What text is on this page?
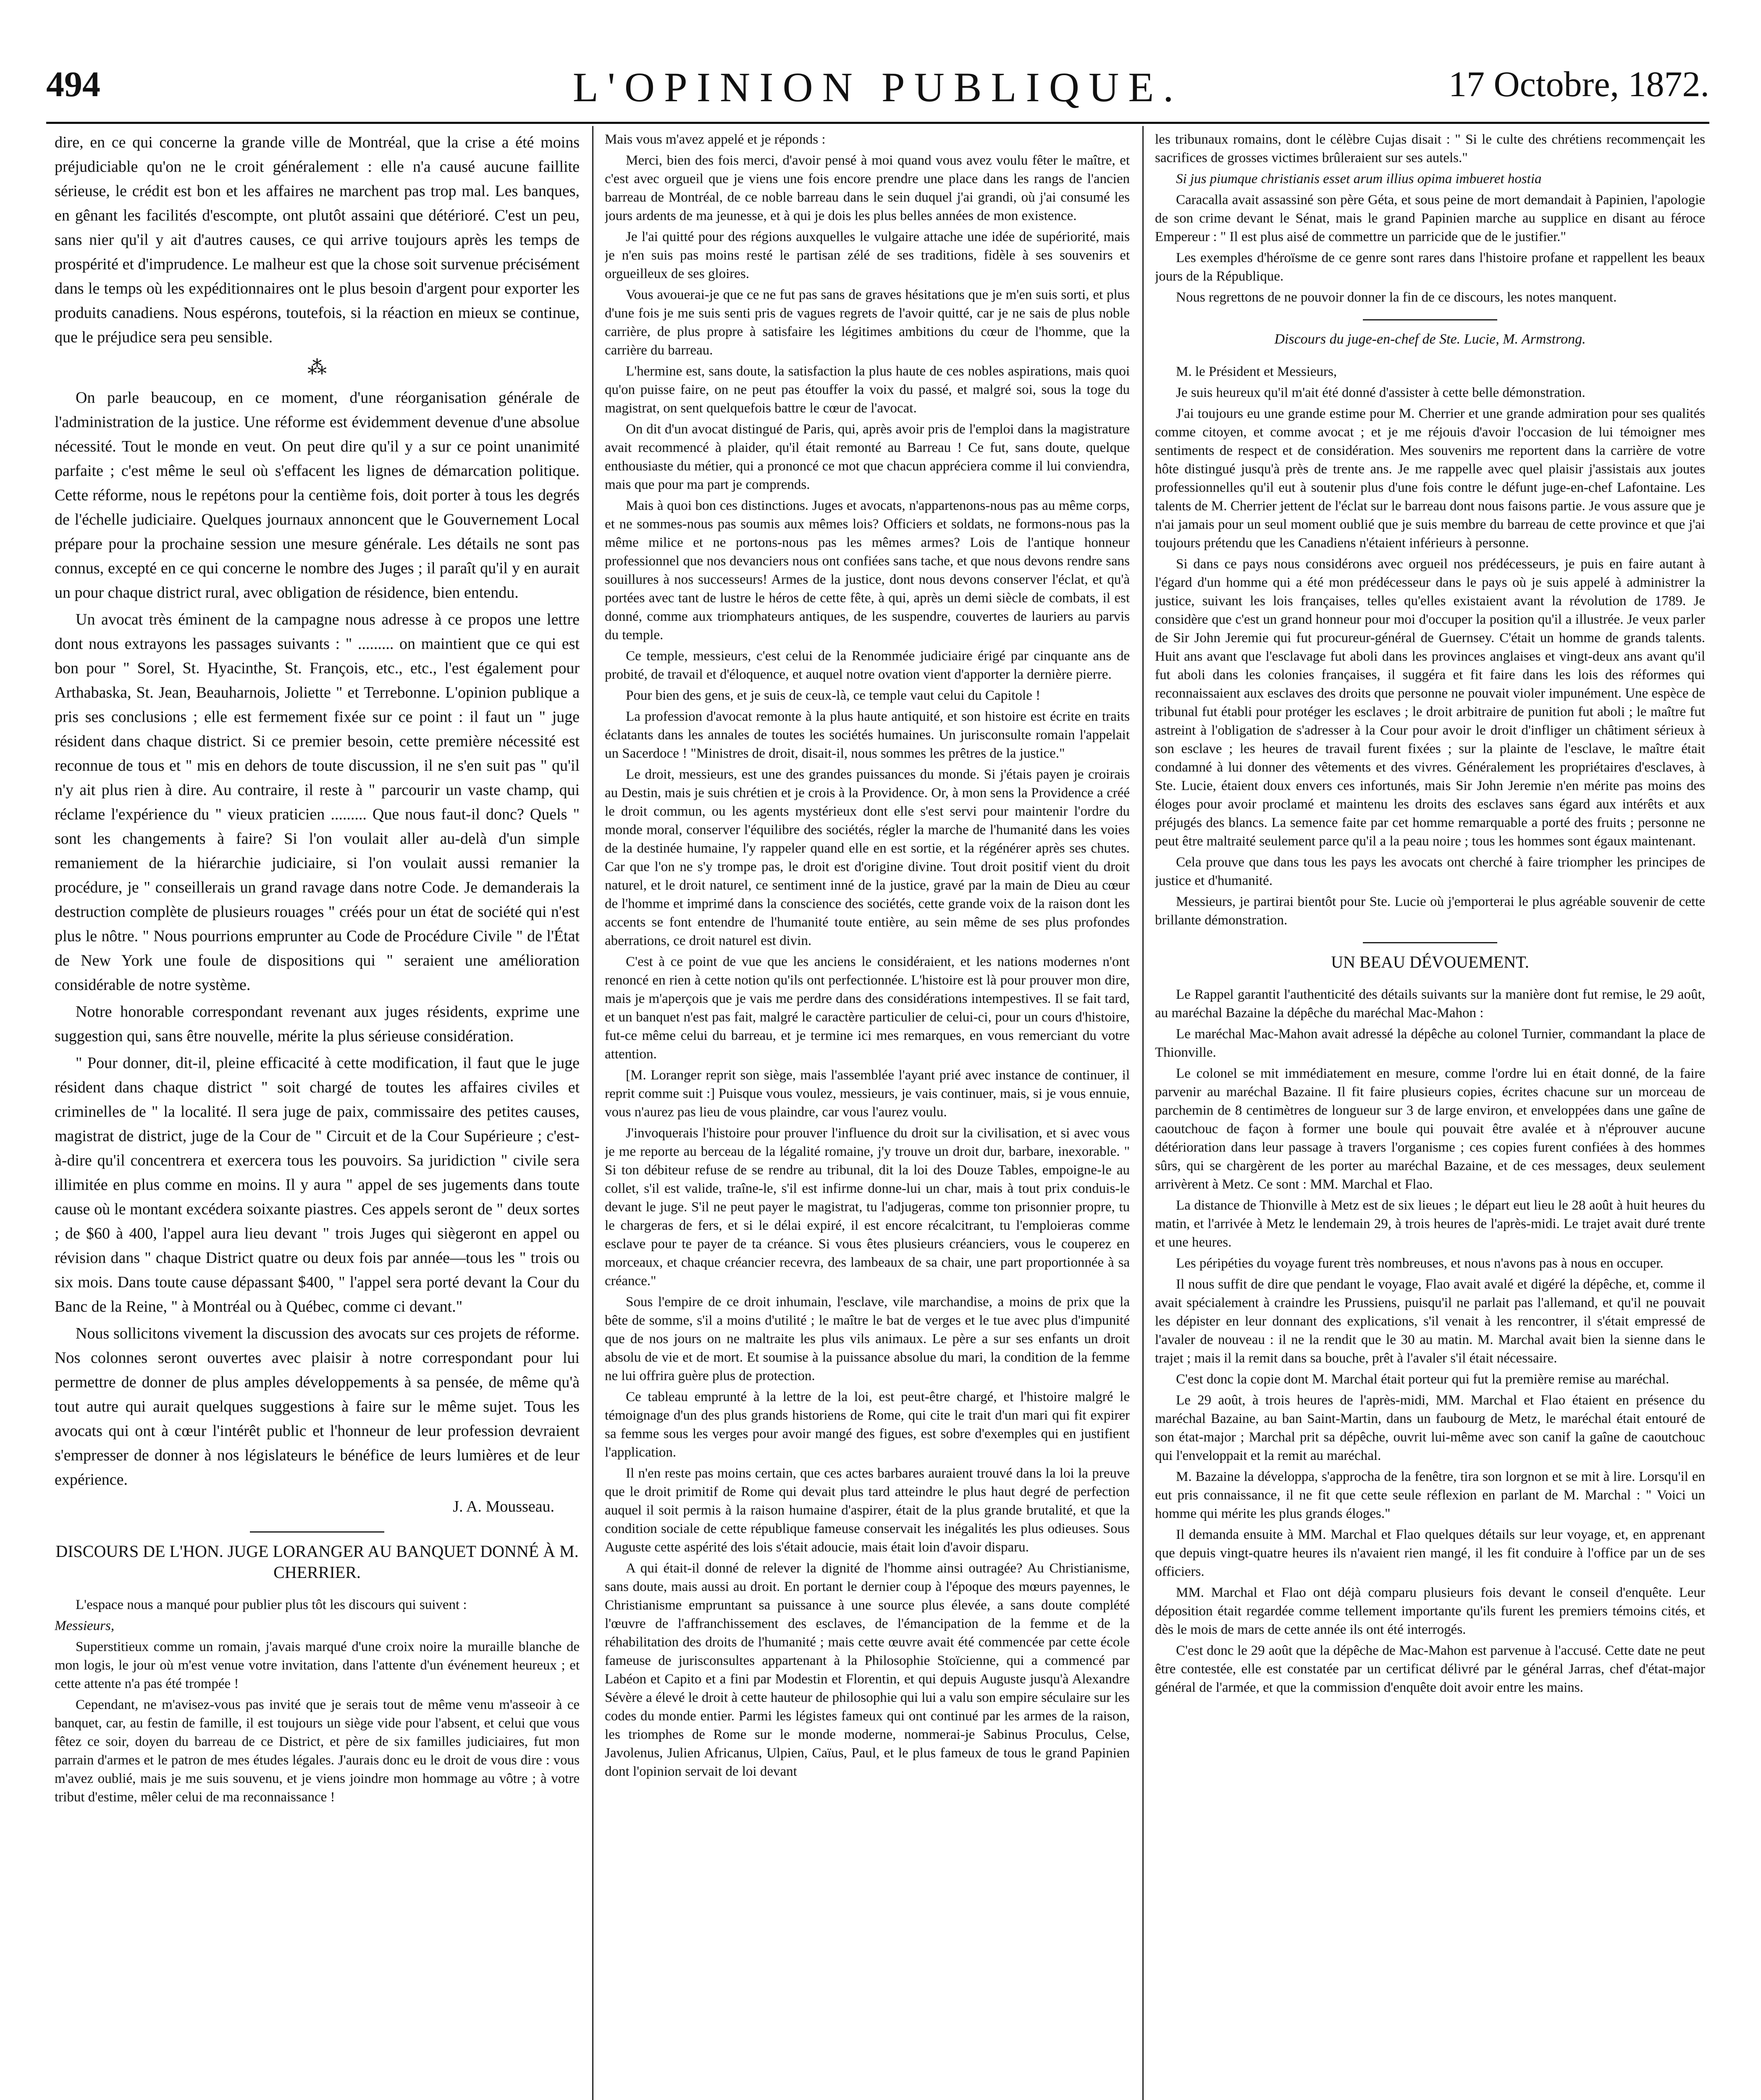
494	L'OPINION PUBLIQUE.	17 Octobre, 1872.

dire, en ce qui concerne la grande ville de Montréal, que la crise a été moins préjudiciable qu'on ne le croit généralement : elle n'a causé aucune faillite sérieuse, le crédit est bon et les affaires ne marchent pas trop mal. Les banques, en gênant les facilités d'escompte, ont plutôt assaini que détérioré. C'est un peu, sans nier qu'il y ait d'autres causes, ce qui arrive toujours après les temps de prospérité et d'imprudence. Le malheur est que la chose soit survenue précisément dans le temps où les expéditionnaires ont le plus besoin d'argent pour exporter les produits canadiens. Nous espérons, toutefois, si la réaction en mieux se continue, que le préjudice sera peu sensible.

⁂

On parle beaucoup, en ce moment, d'une réorganisation générale de l'administration de la justice. Une réforme est évidemment devenue d'une absolue nécessité. Tout le monde en veut. On peut dire qu'il y a sur ce point unanimité parfaite ; c'est même le seul où s'effacent les lignes de démarcation politique. Cette réforme, nous le repétons pour la centième fois, doit porter à tous les degrés de l'échelle judiciaire. Quelques journaux annoncent que le Gouvernement Local prépare pour la prochaine session une mesure générale. Les détails ne sont pas connus, excepté en ce qui concerne le nombre des Juges ; il paraît qu'il y en aurait un pour chaque district rural, avec obligation de résidence, bien entendu.

Un avocat très éminent de la campagne nous adresse à ce propos une lettre dont nous extrayons les passages suivants : " ......... on maintient que ce qui est bon pour " Sorel, St. Hyacinthe, St. François, etc., etc., l'est également pour Arthabaska, St. Jean, Beauharnois, Joliette " et Terrebonne. L'opinion publique a pris ses conclusions ; elle est fermement fixée sur ce point : il faut un " juge résident dans chaque district. Si ce premier besoin, cette première nécessité est reconnue de tous et " mis en dehors de toute discussion, il ne s'en suit pas " qu'il n'y ait plus rien à dire. Au contraire, il reste à " parcourir un vaste champ, qui réclame l'expérience du " vieux praticien ......... Que nous faut-il donc? Quels " sont les changements à faire? Si l'on voulait aller au-delà d'un simple remaniement de la hiérarchie judiciaire, si l'on voulait aussi remanier la procédure, je " conseillerais un grand ravage dans notre Code. Je demanderais la destruction complète de plusieurs rouages " créés pour un état de société qui n'est plus le nôtre. " Nous pourrions emprunter au Code de Procédure Civile " de l'État de New York une foule de dispositions qui " seraient une amélioration considérable de notre système.

Notre honorable correspondant revenant aux juges résidents, exprime une suggestion qui, sans être nouvelle, mérite la plus sérieuse considération.

" Pour donner, dit-il, pleine efficacité à cette modification, il faut que le juge résident dans chaque district " soit chargé de toutes les affaires civiles et criminelles de " la localité. Il sera juge de paix, commissaire des petites causes, magistrat de district, juge de la Cour de " Circuit et de la Cour Supérieure ; c'est-à-dire qu'il concentrera et exercera tous les pouvoirs. Sa juridiction " civile sera illimitée en plus comme en moins. Il y aura " appel de ses jugements dans toute cause où le montant excédera soixante piastres. Ces appels seront de " deux sortes ; de $60 à 400, l'appel aura lieu devant " trois Juges qui siègeront en appel ou révision dans " chaque District quatre ou deux fois par année—tous les " trois ou six mois. Dans toute cause dépassant $400, " l'appel sera porté devant la Cour du Banc de la Reine, " à Montréal ou à Québec, comme ci devant."

Nous sollicitons vivement la discussion des avocats sur ces projets de réforme. Nos colonnes seront ouvertes avec plaisir à notre correspondant pour lui permettre de donner de plus amples développements à sa pensée, de même qu'à tout autre qui aurait quelques suggestions à faire sur le même sujet. Tous les avocats qui ont à cœur l'intérêt public et l'honneur de leur profession devraient s'empresser de donner à nos législateurs le bénéfice de leurs lumières et de leur expérience.

J. A. Mousseau.

DISCOURS DE L'HON. JUGE LORANGER AU BANQUET DONNÉ À M. CHERRIER.

L'espace nous a manqué pour publier plus tôt les discours qui suivent :

Messieurs,

Superstitieux comme un romain, j'avais marqué d'une croix noire la muraille blanche de mon logis, le jour où m'est venue votre invitation, dans l'attente d'un événement heureux ; et cette attente n'a pas été trompée !

Cependant, ne m'avisez-vous pas invité que je serais tout de même venu m'asseoir à ce banquet, car, au festin de famille, il est toujours un siège vide pour l'absent, et celui que vous fêtez ce soir, doyen du barreau de ce District, et père de six familles judiciaires, fut mon parrain d'armes et le patron de mes études légales. J'aurais donc eu le droit de vous dire : vous m'avez oublié, mais je me suis souvenu, et je viens joindre mon hommage au vôtre ; à votre tribut d'estime, mêler celui de ma reconnaissance !

Mais vous m'avez appelé et je réponds :

Merci, bien des fois merci, d'avoir pensé à moi quand vous avez voulu fêter le maître, et c'est avec orgueil que je viens une fois encore prendre une place dans les rangs de l'ancien barreau de Montréal, de ce noble barreau dans le sein duquel j'ai grandi, où j'ai consumé les jours ardents de ma jeunesse, et à qui je dois les plus belles années de mon existence.

Je l'ai quitté pour des régions auxquelles le vulgaire attache une idée de supériorité, mais je n'en suis pas moins resté le partisan zélé de ses traditions, fidèle à ses souvenirs et orgueilleux de ses gloires.

Vous avouerai-je que ce ne fut pas sans de graves hésitations que je m'en suis sorti, et plus d'une fois je me suis senti pris de vagues regrets de l'avoir quitté, car je ne sais de plus noble carrière, de plus propre à satisfaire les légitimes ambitions du cœur de l'homme, que la carrière du barreau.

L'hermine est, sans doute, la satisfaction la plus haute de ces nobles aspirations, mais quoi qu'on puisse faire, on ne peut pas étouffer la voix du passé, et malgré soi, sous la toge du magistrat, on sent quelquefois battre le cœur de l'avocat.

On dit d'un avocat distingué de Paris, qui, après avoir pris de l'emploi dans la magistrature avait recommencé à plaider, qu'il était remonté au Barreau ! Ce fut, sans doute, quelque enthousiaste du métier, qui a prononcé ce mot que chacun appréciera comme il lui conviendra, mais que pour ma part je comprends.

Mais à quoi bon ces distinctions. Juges et avocats, n'appartenons-nous pas au même corps, et ne sommes-nous pas soumis aux mêmes lois? Officiers et soldats, ne formons-nous pas la même milice et ne portons-nous pas les mêmes armes? Lois de l'antique honneur professionnel que nos devanciers nous ont confiées sans tache, et que nous devons rendre sans souillures à nos successeurs! Armes de la justice, dont nous devons conserver l'éclat, et qu'à portées avec tant de lustre le héros de cette fête, à qui, après un demi siècle de combats, il est donné, comme aux triomphateurs antiques, de les suspendre, couvertes de lauriers au parvis du temple.

Ce temple, messieurs, c'est celui de la Renommée judiciaire érigé par cinquante ans de probité, de travail et d'éloquence, et auquel notre ovation vient d'apporter la dernière pierre.

Pour bien des gens, et je suis de ceux-là, ce temple vaut celui du Capitole !

La profession d'avocat remonte à la plus haute antiquité, et son histoire est écrite en traits éclatants dans les annales de toutes les sociétés humaines. Un jurisconsulte romain l'appelait un Sacerdoce ! "Ministres de droit, disait-il, nous sommes les prêtres de la justice."

Le droit, messieurs, est une des grandes puissances du monde. Si j'étais payen je croirais au Destin, mais je suis chrétien et je crois à la Providence. Or, à mon sens la Providence a créé le droit commun, ou les agents mystérieux dont elle s'est servi pour maintenir l'ordre du monde moral, conserver l'équilibre des sociétés, régler la marche de l'humanité dans les voies de la destinée humaine, l'y rappeler quand elle en est sortie, et la régénérer après ses chutes. Car que l'on ne s'y trompe pas, le droit est d'origine divine. Tout droit positif vient du droit naturel, et le droit naturel, ce sentiment inné de la justice, gravé par la main de Dieu au cœur de l'homme et imprimé dans la conscience des sociétés, cette grande voix de la raison dont les accents se font entendre de l'humanité toute entière, au sein même de ses plus profondes aberrations, ce droit naturel est divin.

C'est à ce point de vue que les anciens le considéraient, et les nations modernes n'ont renoncé en rien à cette notion qu'ils ont perfectionnée. L'histoire est là pour prouver mon dire, mais je m'aperçois que je vais me perdre dans des considérations intempestives. Il se fait tard, et un banquet n'est pas fait, malgré le caractère particulier de celui-ci, pour un cours d'histoire, fut-ce même celui du barreau, et je termine ici mes remarques, en vous remerciant du votre attention.

[M. Loranger reprit son siège, mais l'assemblée l'ayant prié avec instance de continuer, il reprit comme suit :] Puisque vous voulez, messieurs, je vais continuer, mais, si je vous ennuie, vous n'aurez pas lieu de vous plaindre, car vous l'aurez voulu.

J'invoquerais l'histoire pour prouver l'influence du droit sur la civilisation, et si avec vous je me reporte au berceau de la légalité romaine, j'y trouve un droit dur, barbare, inexorable. " Si ton débiteur refuse de se rendre au tribunal, dit la loi des Douze Tables, empoigne-le au collet, s'il est valide, traîne-le, s'il est infirme donne-lui un char, mais à tout prix conduis-le devant le juge. S'il ne peut payer le magistrat, tu l'adjugeras, comme ton prisonnier propre, tu le chargeras de fers, et si le délai expiré, il est encore récalcitrant, tu l'emploieras comme esclave pour te payer de ta créance. Si vous êtes plusieurs créanciers, vous le couperez en morceaux, et chaque créancier recevra, des lambeaux de sa chair, une part proportionnée à sa créance."

Sous l'empire de ce droit inhumain, l'esclave, vile marchandise, a moins de prix que la bête de somme, s'il a moins d'utilité ; le maître le bat de verges et le tue avec plus d'impunité que de nos jours on ne maltraite les plus vils animaux. Le père a sur ses enfants un droit absolu de vie et de mort. Et soumise à la puissance absolue du mari, la condition de la femme ne lui offrira guère plus de protection.

Ce tableau emprunté à la lettre de la loi, est peut-être chargé, et l'histoire malgré le témoignage d'un des plus grands historiens de Rome, qui cite le trait d'un mari qui fit expirer sa femme sous les verges pour avoir mangé des figues, est sobre d'exemples qui en justifient l'application.

Il n'en reste pas moins certain, que ces actes barbares auraient trouvé dans la loi la preuve que le droit primitif de Rome qui devait plus tard atteindre le plus haut degré de perfection auquel il soit permis à la raison humaine d'aspirer, était de la plus grande brutalité, et que la condition sociale de cette république fameuse conservait les inégalités les plus odieuses. Sous Auguste cette aspérité des lois s'était adoucie, mais était loin d'avoir disparu.

A qui était-il donné de relever la dignité de l'homme ainsi outragée? Au Christianisme, sans doute, mais aussi au droit. En portant le dernier coup à l'époque des mœurs payennes, le Christianisme empruntant sa puissance à une source plus élevée, a sans doute complété l'œuvre de l'affranchissement des esclaves, de l'émancipation de la femme et de la réhabilitation des droits de l'humanité ; mais cette œuvre avait été commencée par cette école fameuse de jurisconsultes appartenant à la Philosophie Stoïcienne, qui a commencé par Labéon et Capito et a fini par Modestin et Florentin, et qui depuis Auguste jusqu'à Alexandre Sévère a élevé le droit à cette hauteur de philosophie qui lui a valu son empire séculaire sur les codes du monde entier. Parmi les légistes fameux qui ont continué par les armes de la raison, les triomphes de Rome sur le monde moderne, nommerai-je Sabinus Proculus, Celse, Javolenus, Julien Africanus, Ulpien, Caïus, Paul, et le plus fameux de tous le grand Papinien dont l'opinion servait de loi devant

les tribunaux romains, dont le célèbre Cujas disait : " Si le culte des chrétiens recommençait les sacrifices de grosses victimes brûleraient sur ses autels."

Si jus piumque christianis esset arum illius opima imbueret hostia

Caracalla avait assassiné son père Géta, et sous peine de mort demandait à Papinien, l'apologie de son crime devant le Sénat, mais le grand Papinien marche au supplice en disant au féroce Empereur : " Il est plus aisé de commettre un parricide que de le justifier."

Les exemples d'héroïsme de ce genre sont rares dans l'histoire profane et rappellent les beaux jours de la République.

Nous regrettons de ne pouvoir donner la fin de ce discours, les notes manquent.

Discours du juge-en-chef de Ste. Lucie, M. Armstrong.

M. le Président et Messieurs,

Je suis heureux qu'il m'ait été donné d'assister à cette belle démonstration.

J'ai toujours eu une grande estime pour M. Cherrier et une grande admiration pour ses qualités comme citoyen, et comme avocat ; et je me réjouis d'avoir l'occasion de lui témoigner mes sentiments de respect et de considération. Mes souvenirs me reportent dans la carrière de votre hôte distingué jusqu'à près de trente ans. Je me rappelle avec quel plaisir j'assistais aux joutes professionnelles qu'il eut à soutenir plus d'une fois contre le défunt juge-en-chef Lafontaine. Les talents de M. Cherrier jettent de l'éclat sur le barreau dont nous faisons partie. Je vous assure que je n'ai jamais pour un seul moment oublié que je suis membre du barreau de cette province et que j'ai toujours prétendu que les Canadiens n'étaient inférieurs à personne.

Si dans ce pays nous considérons avec orgueil nos prédécesseurs, je puis en faire autant à l'égard d'un homme qui a été mon prédécesseur dans le pays où je suis appelé à administrer la justice, suivant les lois françaises, telles qu'elles existaient avant la révolution de 1789. Je considère que c'est un grand honneur pour moi d'occuper la position qu'il a illustrée. Je veux parler de Sir John Jeremie qui fut procureur-général de Guernsey. C'était un homme de grands talents. Huit ans avant que l'esclavage fut aboli dans les provinces anglaises et vingt-deux ans avant qu'il fut aboli dans les colonies françaises, il suggéra et fit faire dans les lois des réformes qui reconnaissaient aux esclaves des droits que personne ne pouvait violer impunément. Une espèce de tribunal fut établi pour protéger les esclaves ; le droit arbitraire de punition fut aboli ; le maître fut astreint à l'obligation de s'adresser à la Cour pour avoir le droit d'infliger un châtiment sérieux à son esclave ; les heures de travail furent fixées ; sur la plainte de l'esclave, le maître était condamné à lui donner des vêtements et des vivres. Généralement les propriétaires d'esclaves, à Ste. Lucie, étaient doux envers ces infortunés, mais Sir John Jeremie n'en mérite pas moins des éloges pour avoir proclamé et maintenu les droits des esclaves sans égard aux intérêts et aux préjugés des blancs. La semence faite par cet homme remarquable a porté des fruits ; personne ne peut être maltraité seulement parce qu'il a la peau noire ; tous les hommes sont égaux maintenant.

Cela prouve que dans tous les pays les avocats ont cherché à faire triompher les principes de justice et d'humanité.

Messieurs, je partirai bientôt pour Ste. Lucie où j'emporterai le plus agréable souvenir de cette brillante démonstration.

UN BEAU DÉVOUEMENT.

Le Rappel garantit l'authenticité des détails suivants sur la manière dont fut remise, le 29 août, au maréchal Bazaine la dépêche du maréchal Mac-Mahon :

Le maréchal Mac-Mahon avait adressé la dépêche au colonel Turnier, commandant la place de Thionville.

Le colonel se mit immédiatement en mesure, comme l'ordre lui en était donné, de la faire parvenir au maréchal Bazaine. Il fit faire plusieurs copies, écrites chacune sur un morceau de parchemin de 8 centimètres de longueur sur 3 de large environ, et enveloppées dans une gaîne de caoutchouc de façon à former une boule qui pouvait être avalée et à n'éprouver aucune détérioration dans leur passage à travers l'organisme ; ces copies furent confiées à des hommes sûrs, qui se chargèrent de les porter au maréchal Bazaine, et de ces messages, deux seulement arrivèrent à Metz. Ce sont : MM. Marchal et Flao.

La distance de Thionville à Metz est de six lieues ; le départ eut lieu le 28 août à huit heures du matin, et l'arrivée à Metz le lendemain 29, à trois heures de l'après-midi. Le trajet avait duré trente et une heures.

Les péripéties du voyage furent très nombreuses, et nous n'avons pas à nous en occuper.

Il nous suffit de dire que pendant le voyage, Flao avait avalé et digéré la dépêche, et, comme il avait spécialement à craindre les Prussiens, puisqu'il ne parlait pas l'allemand, et qu'il ne pouvait les dépister en leur donnant des explications, s'il venait à les rencontrer, il s'était empressé de l'avaler de nouveau : il ne la rendit que le 30 au matin. M. Marchal avait bien la sienne dans le trajet ; mais il la remit dans sa bouche, prêt à l'avaler s'il était nécessaire.

C'est donc la copie dont M. Marchal était porteur qui fut la première remise au maréchal.

Le 29 août, à trois heures de l'après-midi, MM. Marchal et Flao étaient en présence du maréchal Bazaine, au ban Saint-Martin, dans un faubourg de Metz, le maréchal était entouré de son état-major ; Marchal prit sa dépêche, ouvrit lui-même avec son canif la gaîne de caoutchouc qui l'enveloppait et la remit au maréchal.

M. Bazaine la développa, s'approcha de la fenêtre, tira son lorgnon et se mit à lire. Lorsqu'il en eut pris connaissance, il ne fit que cette seule réflexion en parlant de M. Marchal : " Voici un homme qui mérite les plus grands éloges."

Il demanda ensuite à MM. Marchal et Flao quelques détails sur leur voyage, et, en apprenant que depuis vingt-quatre heures ils n'avaient rien mangé, il les fit conduire à l'office par un de ses officiers.

MM. Marchal et Flao ont déjà comparu plusieurs fois devant le conseil d'enquête. Leur déposition était regardée comme tellement importante qu'ils furent les premiers témoins cités, et dès le mois de mars de cette année ils ont été interrogés.

C'est donc le 29 août que la dépêche de Mac-Mahon est parvenue à l'accusé. Cette date ne peut être contestée, elle est constatée par un certificat délivré par le général Jarras, chef d'état-major général de l'armée, et que la commission d'enquête doit avoir entre les mains.
